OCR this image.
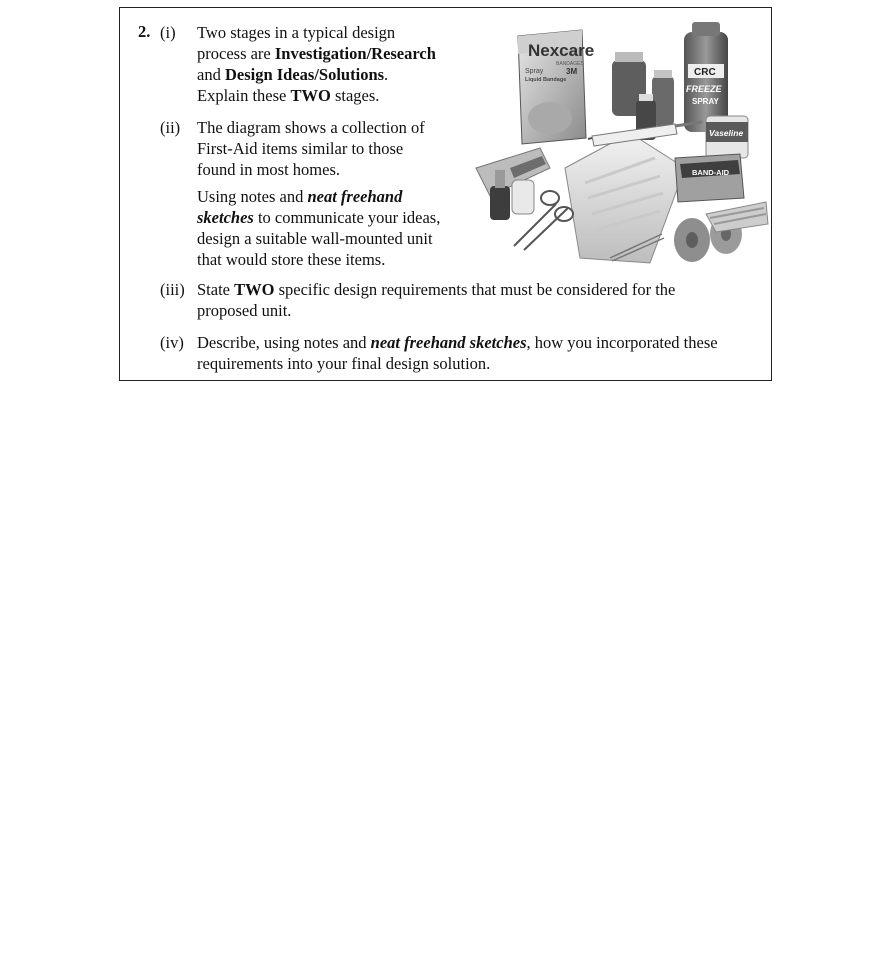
2. (i) Two stages in a typical design
process are Investigation/Research
and Design Ideas/Solutions.
Explain these TWO stages.
(ii) The diagram shows a collection of
First-Aid items similar to those
found in most homes.
Using notes and neat freehand
sketches to communicate your ideas,
design a suitable wall-mounted unit
that would store these items.
(iii) State TWO specific design requirements that must be considered for the
proposed unit.
(iv) Describe, using notes and neat freehand sketches, how you incorporated these
requirements into your final design solution.
Nexcare
BANDAGES
3M
Spray
Liquid Bandage
CRC
FREEZE
SPRAY
Vaseline
BAND-AID
